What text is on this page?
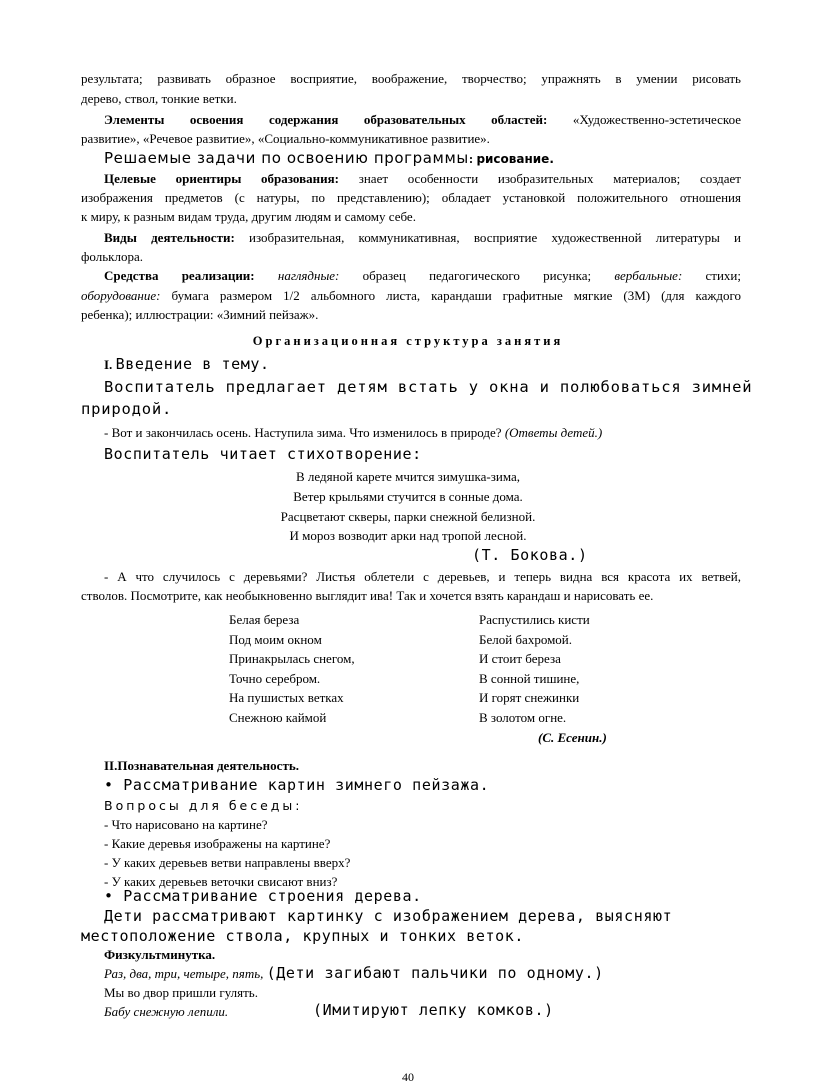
результата; развивать образное восприятие, воображение, творчество; упражнять в умении рисовать
дерево, ствол, тонкие ветки.
Элементы освоения содержания образовательных областей: «Художественно-эстетическое
развитие», «Речевое развитие», «Социально-коммуникативное развитие».
Решаемые задачи по освоению программы: рисование.
Целевые ориентиры образования: знает особенности изобразительных материалов; создает
изображения предметов (с натуры, по представлению); обладает установкой положительного отношения
к миру, к разным видам труда, другим людям и самому себе.
Виды деятельности: изобразительная, коммуникативная, восприятие художественной литературы и
фольклора.
Средства реализации: наглядные: образец педагогического рисунка; вербальные: стихи;
оборудование: бумага размером 1/2 альбомного листа, карандаши графитные мягкие (3М) (для каждого
ребенка); иллюстрации: «Зимний пейзаж».
Организационная структура занятия
I. Введение в тему.
Воспитатель предлагает детям встать у окна и полюбоваться зимней
природой.
- Вот и закончилась осень. Наступила зима. Что изменилось в природе? (Ответы детей.)
Воспитатель читает стихотворение:
В ледяной карете мчится зимушка-зима,
Ветер крыльями стучится в сонные дома.
Расцветают скверы, парки снежной белизной.
И мороз возводит арки над тропой лесной.
(Т. Бокова.)
- А что случилось с деревьями? Листья облетели с деревьев, и теперь видна вся красота их ветвей,
стволов. Посмотрите, как необыкновенно выглядит ива! Так и хочется взять карандаш и нарисовать ее.
Белая береза
Под моим окном
Принакрылась снегом,
Точно серебром.
На пушистых ветках
Снежною каймой
Распустились кисти
Белой бахромой.
И стоит береза
В сонной тишине,
И горят снежинки
В золотом огне.
(С. Есенин.)
II.Познавательная деятельность.
• Рассматривание картин зимнего пейзажа.
Вопросы для беседы:
- Что нарисовано на картине?
- Какие деревья изображены на картине?
- У каких деревьев ветви направлены вверх?
- У каких деревьев веточки свисают вниз?
• Рассматривание строения дерева.
Дети рассматривают картинку с изображением дерева, выясняют
местоположение ствола, крупных и тонких веток.
Физкультминутка.
Раз, два, три, четыре, пять, (Дети загибают пальчики по одному.)
Мы во двор пришли гулять.
Бабу снежную лепили.	(Имитируют лепку комков.)
40
